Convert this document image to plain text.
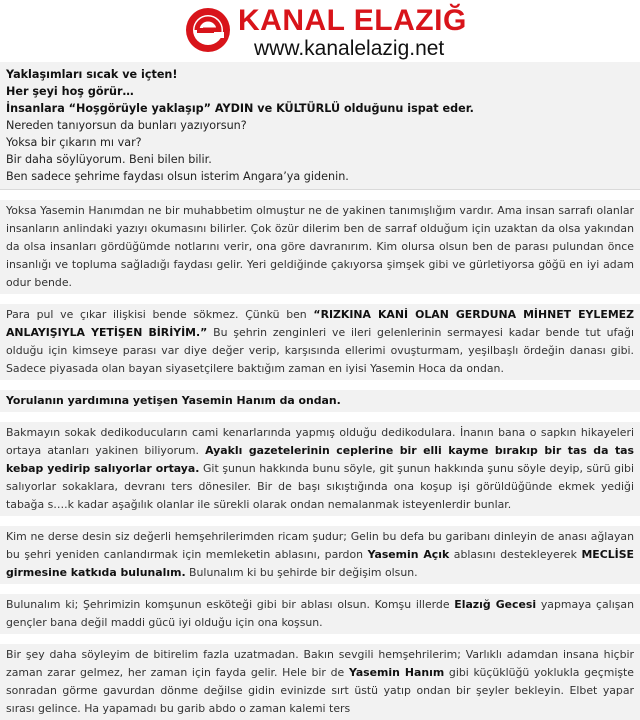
KANAL ELAZIĞ
www.kanalelazig.net
Yaklaşımları sıcak ve içten!
Her şeyi hoş görür…
İnsanlara “Hoşgörüyle yaklaşıp” AYDIN ve KÜLTÜRLÜ olduğunu ispat eder.
Nereden tanıyorsun da bunları yazıyorsun?
Yoksa bir çıkarın mı var?
Bir daha söylüyorum. Beni bilen bilir.
Ben sadece şehrime faydası olsun isterim Angara’ya gidenin.
Yoksa Yasemin Hanımdan ne bir muhabbetim olmuştur ne de yakinen tanımışlığım vardır. Ama insan sarrafı olanlar insanların anlindaki yazıyı okumasını bilirler. Çok özür dilerim ben de sarraf olduğum için uzaktan da olsa yakından da olsa insanları gördüğümde notlarını verir, ona göre davranırım. Kim olursa olsun ben de parası pulundan önce insanlığı ve topluma sağladığı faydası gelir. Yeri geldiğinde çakıyorsa şimşek gibi ve gürletiyorsa göğü en iyi adam odur bende.
Para pul ve çıkar ilişkisi bende sökmez. Çünkü ben “RIZKINA KANİ OLAN GERDUNA MİHNET EYLEMEZ ANLAYIŞIYLA YETİŞEN BİRİYİM.” Bu şehrin zenginleri ve ileri gelenlerinin sermayesi kadar bende tut ufağı olduğu için kimseye parası var diye değer verip, karşısında ellerimi ovuşturmam, yeşilbaşlı ördeğin danası gibi. Sadece piyasada olan bayan siyasetçilere baktığım zaman en iyisi Yasemin Hoca da ondan.
Yorulanın yardımına yetişen Yasemin Hanım da ondan.
Bakmayın sokak dedikoducuların cami kenarlarında yapmış olduğu dedikodulara. İnanın bana o sapkın hikayeleri ortaya atanları yakinen biliyorum. Ayaklı gazetelerinin ceplerine bir elli kayme bırakıp bir tas da tas kebap yedirip salıyorlar ortaya. Git şunun hakkında bunu söyle, git şunun hakkında şunu söyle deyip, sürü gibi salıyorlar sokaklara, devranı ters dönesiler. Bir de başı sıkıştığında ona koşup işi görüldüğünde ekmek yediği tabağa s….k kadar aşağılık olanlar ile sürekli olarak ondan nemalanmak isteyenlerdir bunlar.
Kim ne derse desin siz değerli hemşehrilerimden ricam şudur; Gelin bu defa bu garibanı dinleyin de anası ağlayan bu şehri yeniden canlandırmak için memleketin ablasını, pardon Yasemin Açık ablasını destekleyerek MECLİSE girmesine katkıda bulunalım. Bulunalım ki bu şehirde bir değişim olsun.
Bulunalım ki; Şehrimizin komşunun esköteği gibi bir ablası olsun. Komşu illerde Elazığ Gecesi yapmaya çalışan gençler bana değil maddi gücü iyi olduğu için ona koşsun.
Bir şey daha söyleyim de bitirelim fazla uzatmadan. Bakın sevgili hemşehrilerim; Varlıklı adamdan insana hiçbir zaman zarar gelmez, her zaman için fayda gelir. Hele bir de Yasemin Hanım gibi küçüklüğü yoklukla geçmişte sonradan görme gavurdan dönme değilse gidin evinizde sırt üstü yatıp ondan bir şeyler bekleyin. Elbet yapar sırası gelince. Ha yapamadı bu garib abdo o zaman kalemi ters
